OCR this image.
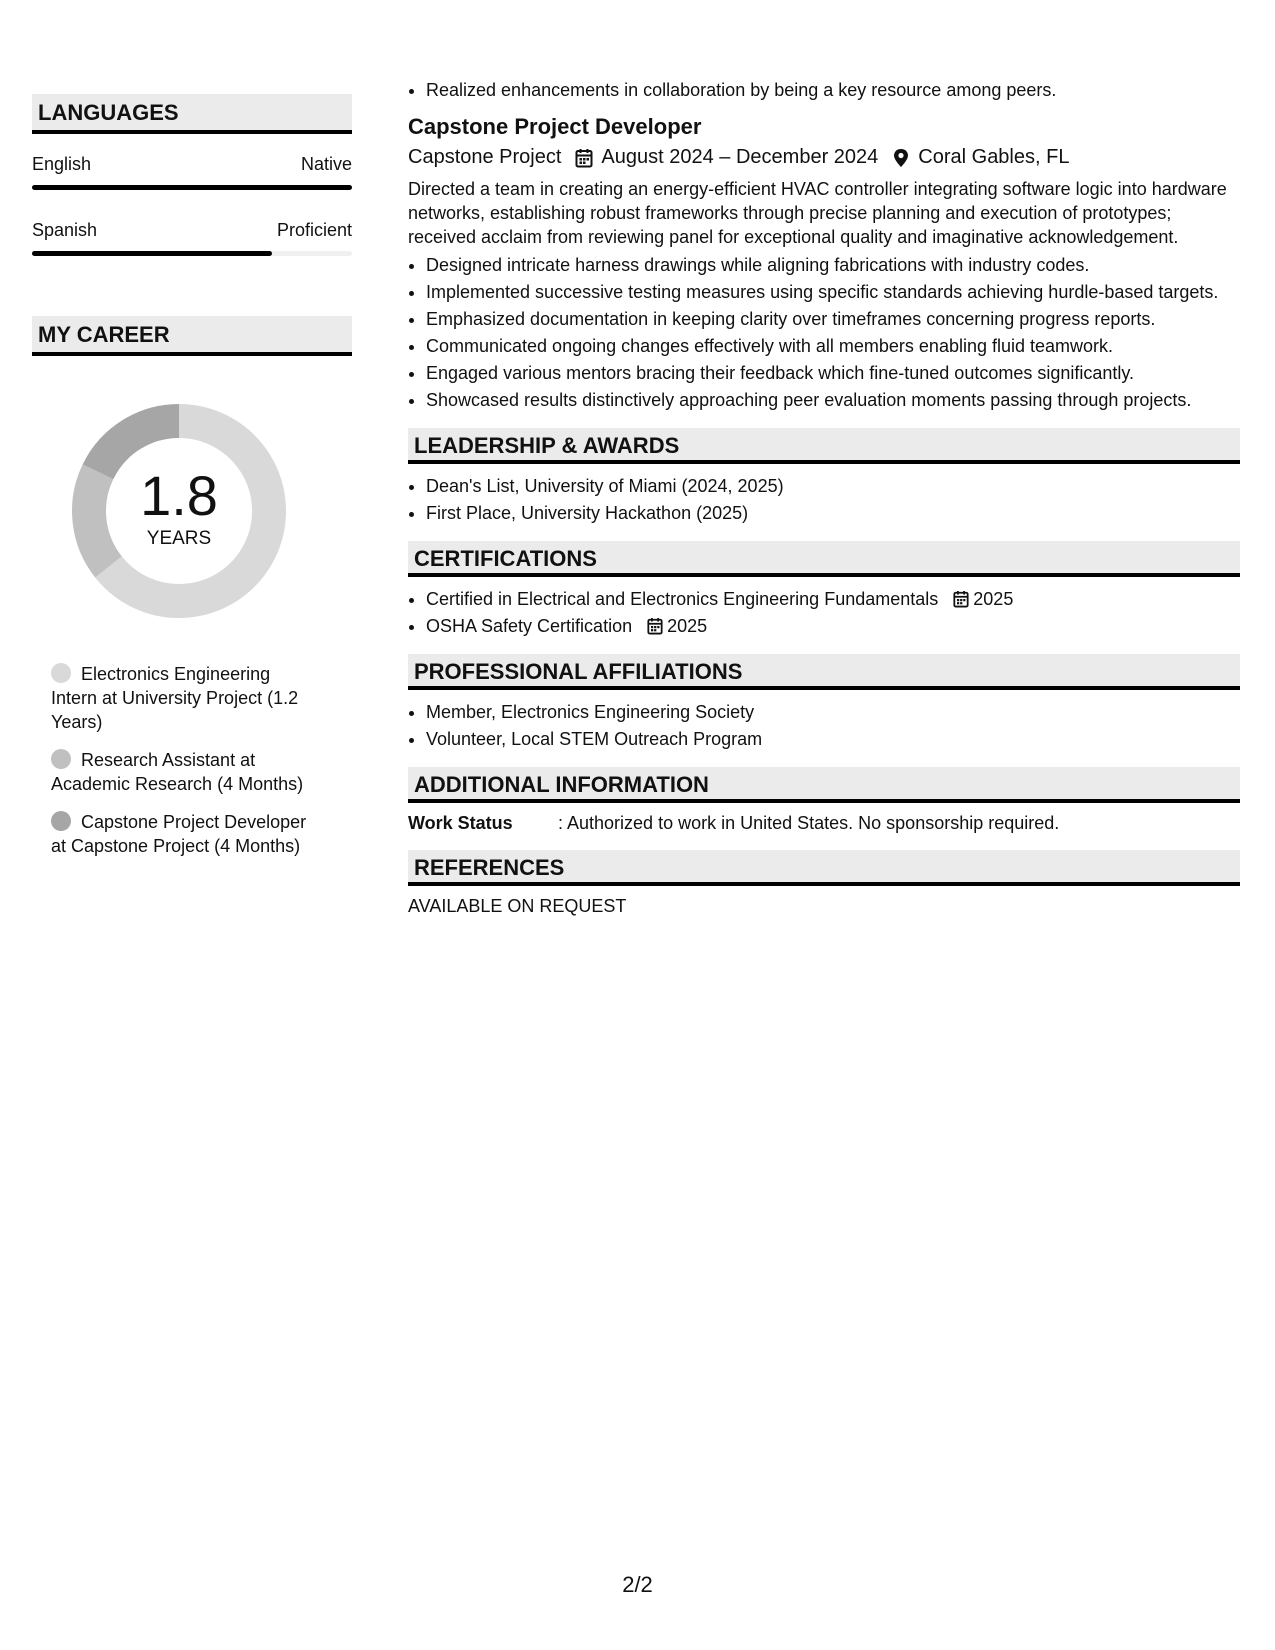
LANGUAGES
English	Native
Spanish	Proficient
MY CAREER
1.8
YEARS
Electronics Engineering Intern at University Project (1.2 Years)
Research Assistant at Academic Research (4 Months)
Capstone Project Developer at Capstone Project (4 Months)
• Realized enhancements in collaboration by being a key resource among peers.
Capstone Project Developer
Capstone Project August 2024 – December 2024 Coral Gables, FL
Directed a team in creating an energy-efficient HVAC controller integrating software logic into hardware networks, establishing robust frameworks through precise planning and execution of prototypes; received acclaim from reviewing panel for exceptional quality and imaginative acknowledgement.
• Designed intricate harness drawings while aligning fabrications with industry codes.
• Implemented successive testing measures using specific standards achieving hurdle-based targets.
• Emphasized documentation in keeping clarity over timeframes concerning progress reports.
• Communicated ongoing changes effectively with all members enabling fluid teamwork.
• Engaged various mentors bracing their feedback which fine-tuned outcomes significantly.
• Showcased results distinctively approaching peer evaluation moments passing through projects.
LEADERSHIP & AWARDS
• Dean's List, University of Miami (2024, 2025)
• First Place, University Hackathon (2025)
CERTIFICATIONS
• Certified in Electrical and Electronics Engineering Fundamentals 2025
• OSHA Safety Certification 2025
PROFESSIONAL AFFILIATIONS
• Member, Electronics Engineering Society
• Volunteer, Local STEM Outreach Program
ADDITIONAL INFORMATION
Work Status	: Authorized to work in United States. No sponsorship required.
REFERENCES
AVAILABLE ON REQUEST
2/2
